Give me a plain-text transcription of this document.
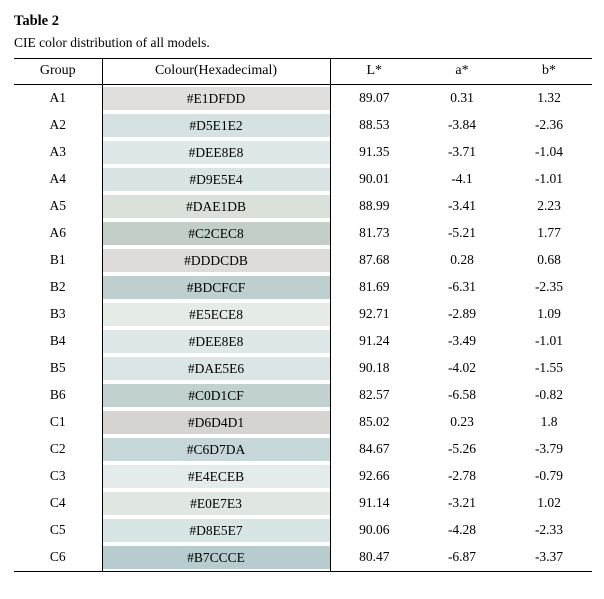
Table 2
CIE color distribution of all models.
Group	Colour(Hexadecimal)	L*	a*	b*
A1	#E1DFDD	89.07	0.31	1.32
A2	#D5E1E2	88.53	-3.84	-2.36
A3	#DEE8E8	91.35	-3.71	-1.04
A4	#D9E5E4	90.01	-4.1	-1.01
A5	#DAE1DB	88.99	-3.41	2.23
A6	#C2CEC8	81.73	-5.21	1.77
B1	#DDDCDB	87.68	0.28	0.68
B2	#BDCFCF	81.69	-6.31	-2.35
B3	#E5ECE8	92.71	-2.89	1.09
B4	#DEE8E8	91.24	-3.49	-1.01
B5	#DAE5E6	90.18	-4.02	-1.55
B6	#C0D1CF	82.57	-6.58	-0.82
C1	#D6D4D1	85.02	0.23	1.8
C2	#C6D7DA	84.67	-5.26	-3.79
C3	#E4ECEB	92.66	-2.78	-0.79
C4	#E0E7E3	91.14	-3.21	1.02
C5	#D8E5E7	90.06	-4.28	-2.33
C6	#B7CCCE	80.47	-6.87	-3.37
